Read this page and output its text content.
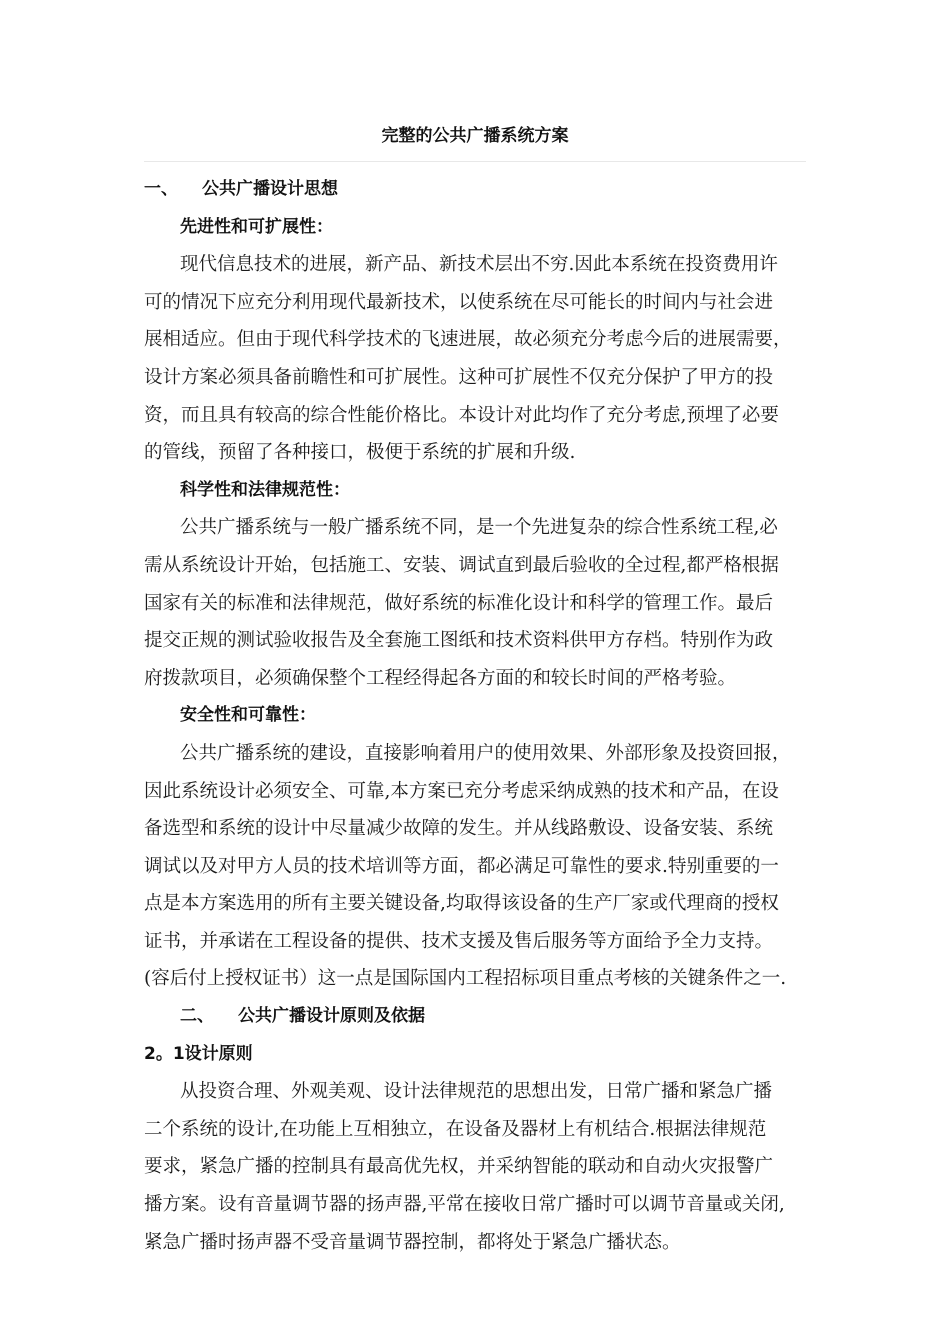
完整的公共广播系统方案
一、 公共广播设计思想
先进性和可扩展性：
现代信息技术的进展，新产品、新技术层出不穷.因此本系统在投资费用许
可的情况下应充分利用现代最新技术，以使系统在尽可能长的时间内与社会进
展相适应。但由于现代科学技术的飞速进展，故必须充分考虑今后的进展需要，
设计方案必须具备前瞻性和可扩展性。这种可扩展性不仅充分保护了甲方的投
资，而且具有较高的综合性能价格比。本设计对此均作了充分考虑,预埋了必要
的管线，预留了各种接口，极便于系统的扩展和升级.
科学性和法律规范性：
公共广播系统与一般广播系统不同，是一个先进复杂的综合性系统工程,必
需从系统设计开始，包括施工、安装、调试直到最后验收的全过程,都严格根据
国家有关的标准和法律规范，做好系统的标准化设计和科学的管理工作。最后
提交正规的测试验收报告及全套施工图纸和技术资料供甲方存档。特别作为政
府拨款项目，必须确保整个工程经得起各方面的和较长时间的严格考验。
安全性和可靠性：
公共广播系统的建设，直接影响着用户的使用效果、外部形象及投资回报，
因此系统设计必须安全、可靠,本方案已充分考虑采纳成熟的技术和产品，在设
备选型和系统的设计中尽量减少故障的发生。并从线路敷设、设备安装、系统
调试以及对甲方人员的技术培训等方面，都必满足可靠性的要求.特别重要的一
点是本方案选用的所有主要关键设备,均取得该设备的生产厂家或代理商的授权
证书，并承诺在工程设备的提供、技术支援及售后服务等方面给予全力支持。
(容后付上授权证书）这一点是国际国内工程招标项目重点考核的关键条件之一.
二、 公共广播设计原则及依据
2。1设计原则
从投资合理、外观美观、设计法律规范的思想出发，日常广播和紧急广播
二个系统的设计,在功能上互相独立，在设备及器材上有机结合.根据法律规范
要求，紧急广播的控制具有最高优先权，并采纳智能的联动和自动火灾报警广
播方案。设有音量调节器的扬声器,平常在接收日常广播时可以调节音量或关闭,
紧急广播时扬声器不受音量调节器控制，都将处于紧急广播状态。
